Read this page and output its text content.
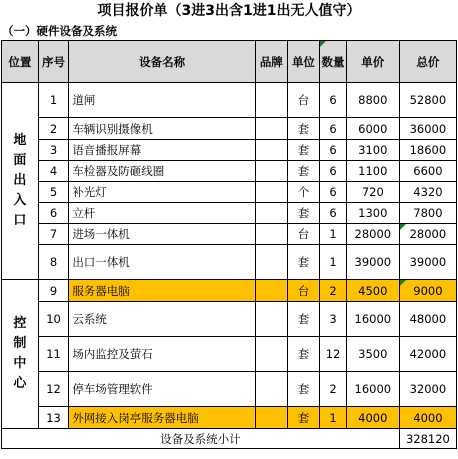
项目报价单（3进3出含1进1出无人值守）
（一）硬件设备及系统
位置	序号	设备名称	品牌	单位	数量	单价	总价
地面出入口	1	道闸		台	6	8800	52800
	2	车辆识别摄像机		套	6	6000	36000
	3	语音播报屏幕		套	6	3100	18600
	4	车检器及防砸线圈		套	6	1100	6600
	5	补光灯		个	6	720	4320
	6	立杆		套	6	1300	7800
	7	进场一体机		台	1	28000	28000
	8	出口一体机		套	1	39000	39000
控制中心	9	服务器电脑		台	2	4500	9000
	10	云系统		套	3	16000	48000
	11	场内监控及萤石		套	12	3500	42000
	12	停车场管理软件		套	2	16000	32000
	13	外网接入岗亭服务器电脑		套	1	4000	4000
设备及系统小计							328120
